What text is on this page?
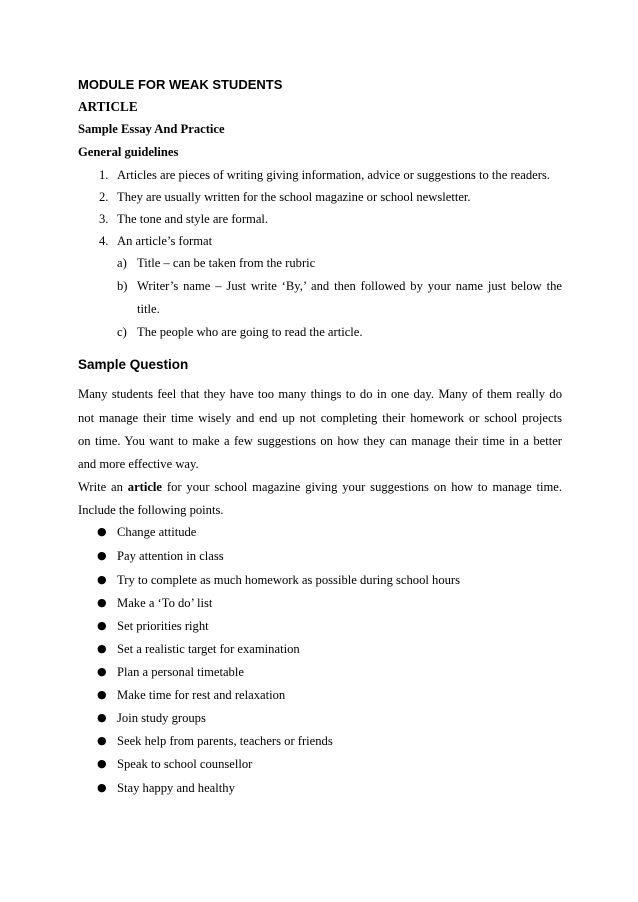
MODULE FOR WEAK STUDENTS
ARTICLE
Sample Essay And Practice
General guidelines
1. Articles are pieces of writing giving information, advice or suggestions to the readers.
2. They are usually written for the school magazine or school newsletter.
3. The tone and style are formal.
4. An article’s format
a) Title – can be taken from the rubric
b) Writer’s name – Just write ‘By,’ and then followed by your name just below the
title.
c) The people who are going to read the article.
Sample Question
Many students feel that they have too many things to do in one day. Many of them really do
not manage their time wisely and end up not completing their homework or school projects
on time. You want to make a few suggestions on how they can manage their time in a better
and more effective way.
Write an article for your school magazine giving your suggestions on how to manage time.
Include the following points.
● Change attitude
● Pay attention in class
● Try to complete as much homework as possible during school hours
● Make a ‘To do’ list
● Set priorities right
● Set a realistic target for examination
● Plan a personal timetable
● Make time for rest and relaxation
● Join study groups
● Seek help from parents, teachers or friends
● Speak to school counsellor
● Stay happy and healthy
